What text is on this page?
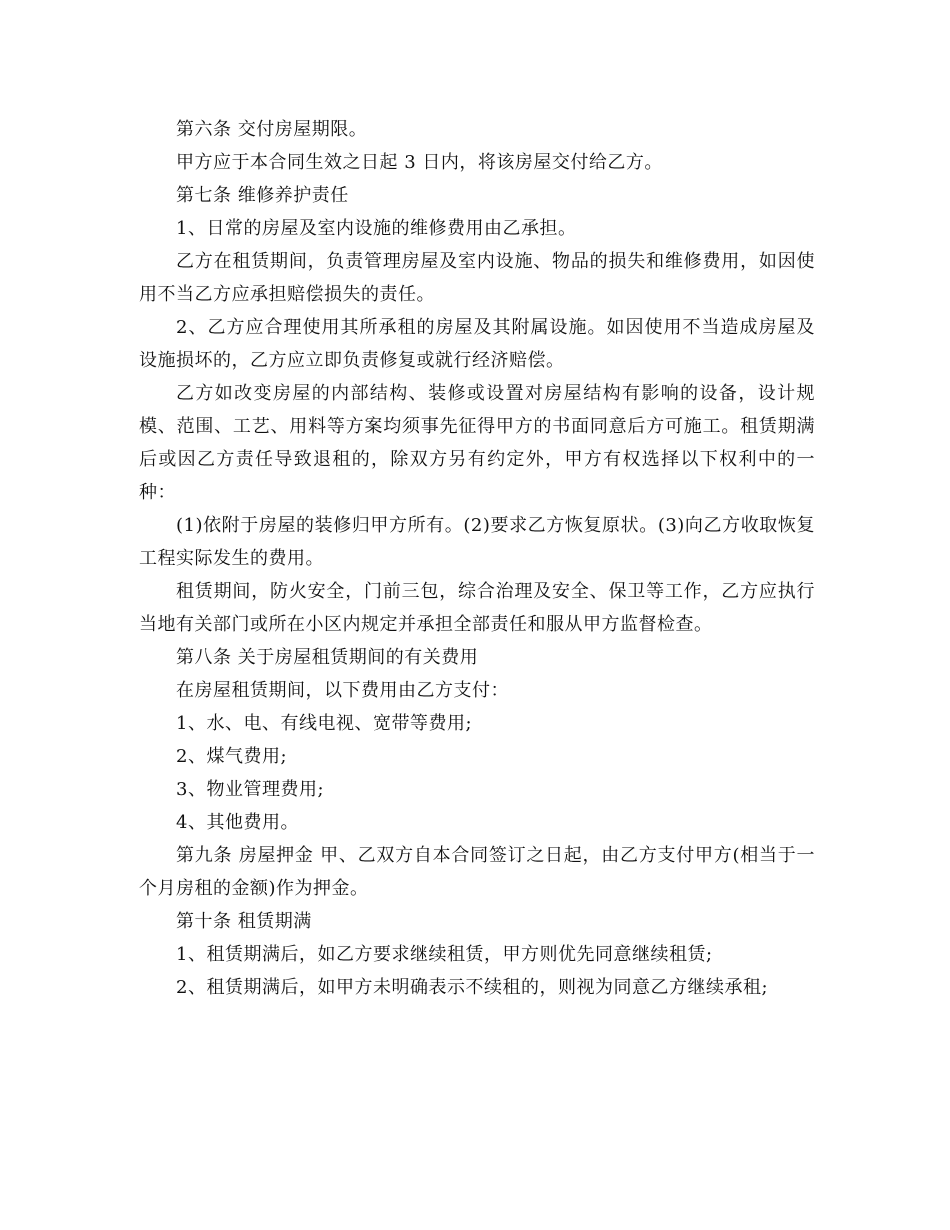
第六条 交付房屋期限。

甲方应于本合同生效之日起 3 日内，将该房屋交付给乙方。

第七条 维修养护责任

1、日常的房屋及室内设施的维修费用由乙承担。

乙方在租赁期间，负责管理房屋及室内设施、物品的损失和维修费用，如因使用不当乙方应承担赔偿损失的责任。

2、乙方应合理使用其所承租的房屋及其附属设施。如因使用不当造成房屋及设施损坏的，乙方应立即负责修复或就行经济赔偿。

乙方如改变房屋的内部结构、装修或设置对房屋结构有影响的设备，设计规模、范围、工艺、用料等方案均须事先征得甲方的书面同意后方可施工。租赁期满后或因乙方责任导致退租的，除双方另有约定外，甲方有权选择以下权利中的一种：

(1)依附于房屋的装修归甲方所有。(2)要求乙方恢复原状。(3)向乙方收取恢复工程实际发生的费用。

租赁期间，防火安全，门前三包，综合治理及安全、保卫等工作，乙方应执行当地有关部门或所在小区内规定并承担全部责任和服从甲方监督检查。

第八条 关于房屋租赁期间的有关费用

在房屋租赁期间，以下费用由乙方支付：

1、水、电、有线电视、宽带等费用;

2、煤气费用;

3、物业管理费用;

4、其他费用。

第九条 房屋押金 甲、乙双方自本合同签订之日起，由乙方支付甲方(相当于一个月房租的金额)作为押金。

第十条 租赁期满

1、租赁期满后，如乙方要求继续租赁，甲方则优先同意继续租赁;

2、租赁期满后，如甲方未明确表示不续租的，则视为同意乙方继续承租;
